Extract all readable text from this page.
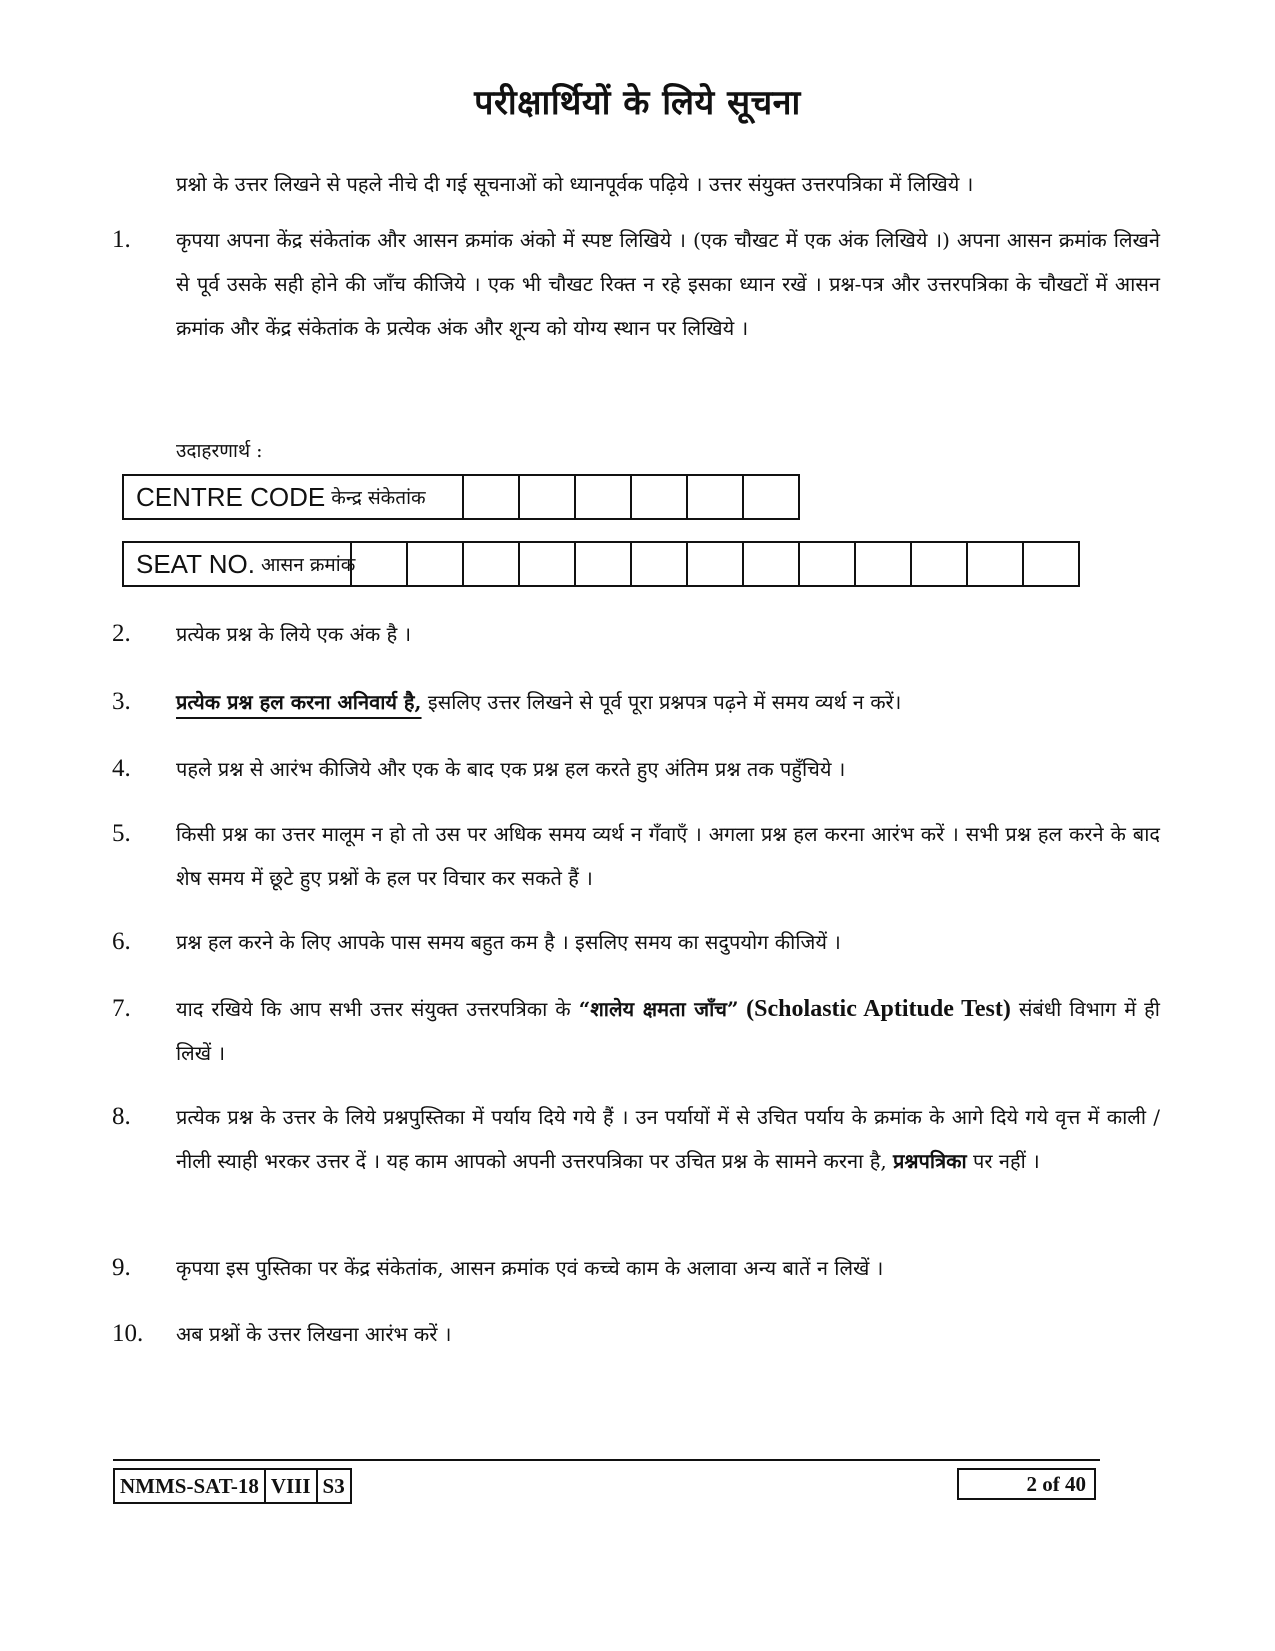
परीक्षार्थियों के लिये सूचना
प्रश्नो के उत्तर लिखने से पहले नीचे दी गई सूचनाओं को ध्यानपूर्वक पढ़िये । उत्तर संयुक्त उत्तरपत्रिका में लिखिये ।
1.	कृपया अपना केंद्र संकेतांक और आसन क्रमांक अंको में स्पष्ट लिखिये । (एक चौखट में एक अंक लिखिये ।) अपना आसन क्रमांक लिखने से पूर्व उसके सही होने की जाँच कीजिये । एक भी चौखट रिक्त न रहे इसका ध्यान रखें । प्रश्न-पत्र और उत्तरपत्रिका के चौखटों में आसन क्रमांक और केंद्र संकेतांक के प्रत्येक अंक और शून्य को योग्य स्थान पर लिखिये ।
उदाहरणार्थ :
CENTRE CODE केन्द्र संकेतांक
SEAT NO. आसन क्रमांक
2.	प्रत्येक प्रश्न के लिये एक अंक है ।
3.	प्रत्येक प्रश्न हल करना अनिवार्य है, इसलिए उत्तर लिखने से पूर्व पूरा प्रश्नपत्र पढ़ने में समय व्यर्थ न करें।
4.	पहले प्रश्न से आरंभ कीजिये और एक के बाद एक प्रश्न हल करते हुए अंतिम प्रश्न तक पहुँचिये ।
5.	किसी प्रश्न का उत्तर मालूम न हो तो उस पर अधिक समय व्यर्थ न गँवाएँ । अगला प्रश्न हल करना आरंभ करें । सभी प्रश्न हल करने के बाद शेष समय में छूटे हुए प्रश्नों के हल पर विचार कर सकते हैं ।
6.	प्रश्न हल करने के लिए आपके पास समय बहुत कम है । इसलिए समय का सदुपयोग कीजियें ।
7.	याद रखिये कि आप सभी उत्तर संयुक्त उत्तरपत्रिका के “शालेय क्षमता जाँच” (Scholastic Aptitude Test) संबंधी विभाग में ही लिखें ।
8.	प्रत्येक प्रश्न के उत्तर के लिये प्रश्नपुस्तिका में पर्याय दिये गये हैं । उन पर्यायों में से उचित पर्याय के क्रमांक के आगे दिये गये वृत्त में काली / नीली स्याही भरकर उत्तर दें । यह काम आपको अपनी उत्तरपत्रिका पर उचित प्रश्न के सामने करना है, प्रश्नपत्रिका पर नहीं ।
9.	कृपया इस पुस्तिका पर केंद्र संकेतांक, आसन क्रमांक एवं कच्चे काम के अलावा अन्य बातें न लिखें ।
10.	अब प्रश्नों के उत्तर लिखना आरंभ करें ।
NMMS-SAT-18 VIII S3	2 of 40
